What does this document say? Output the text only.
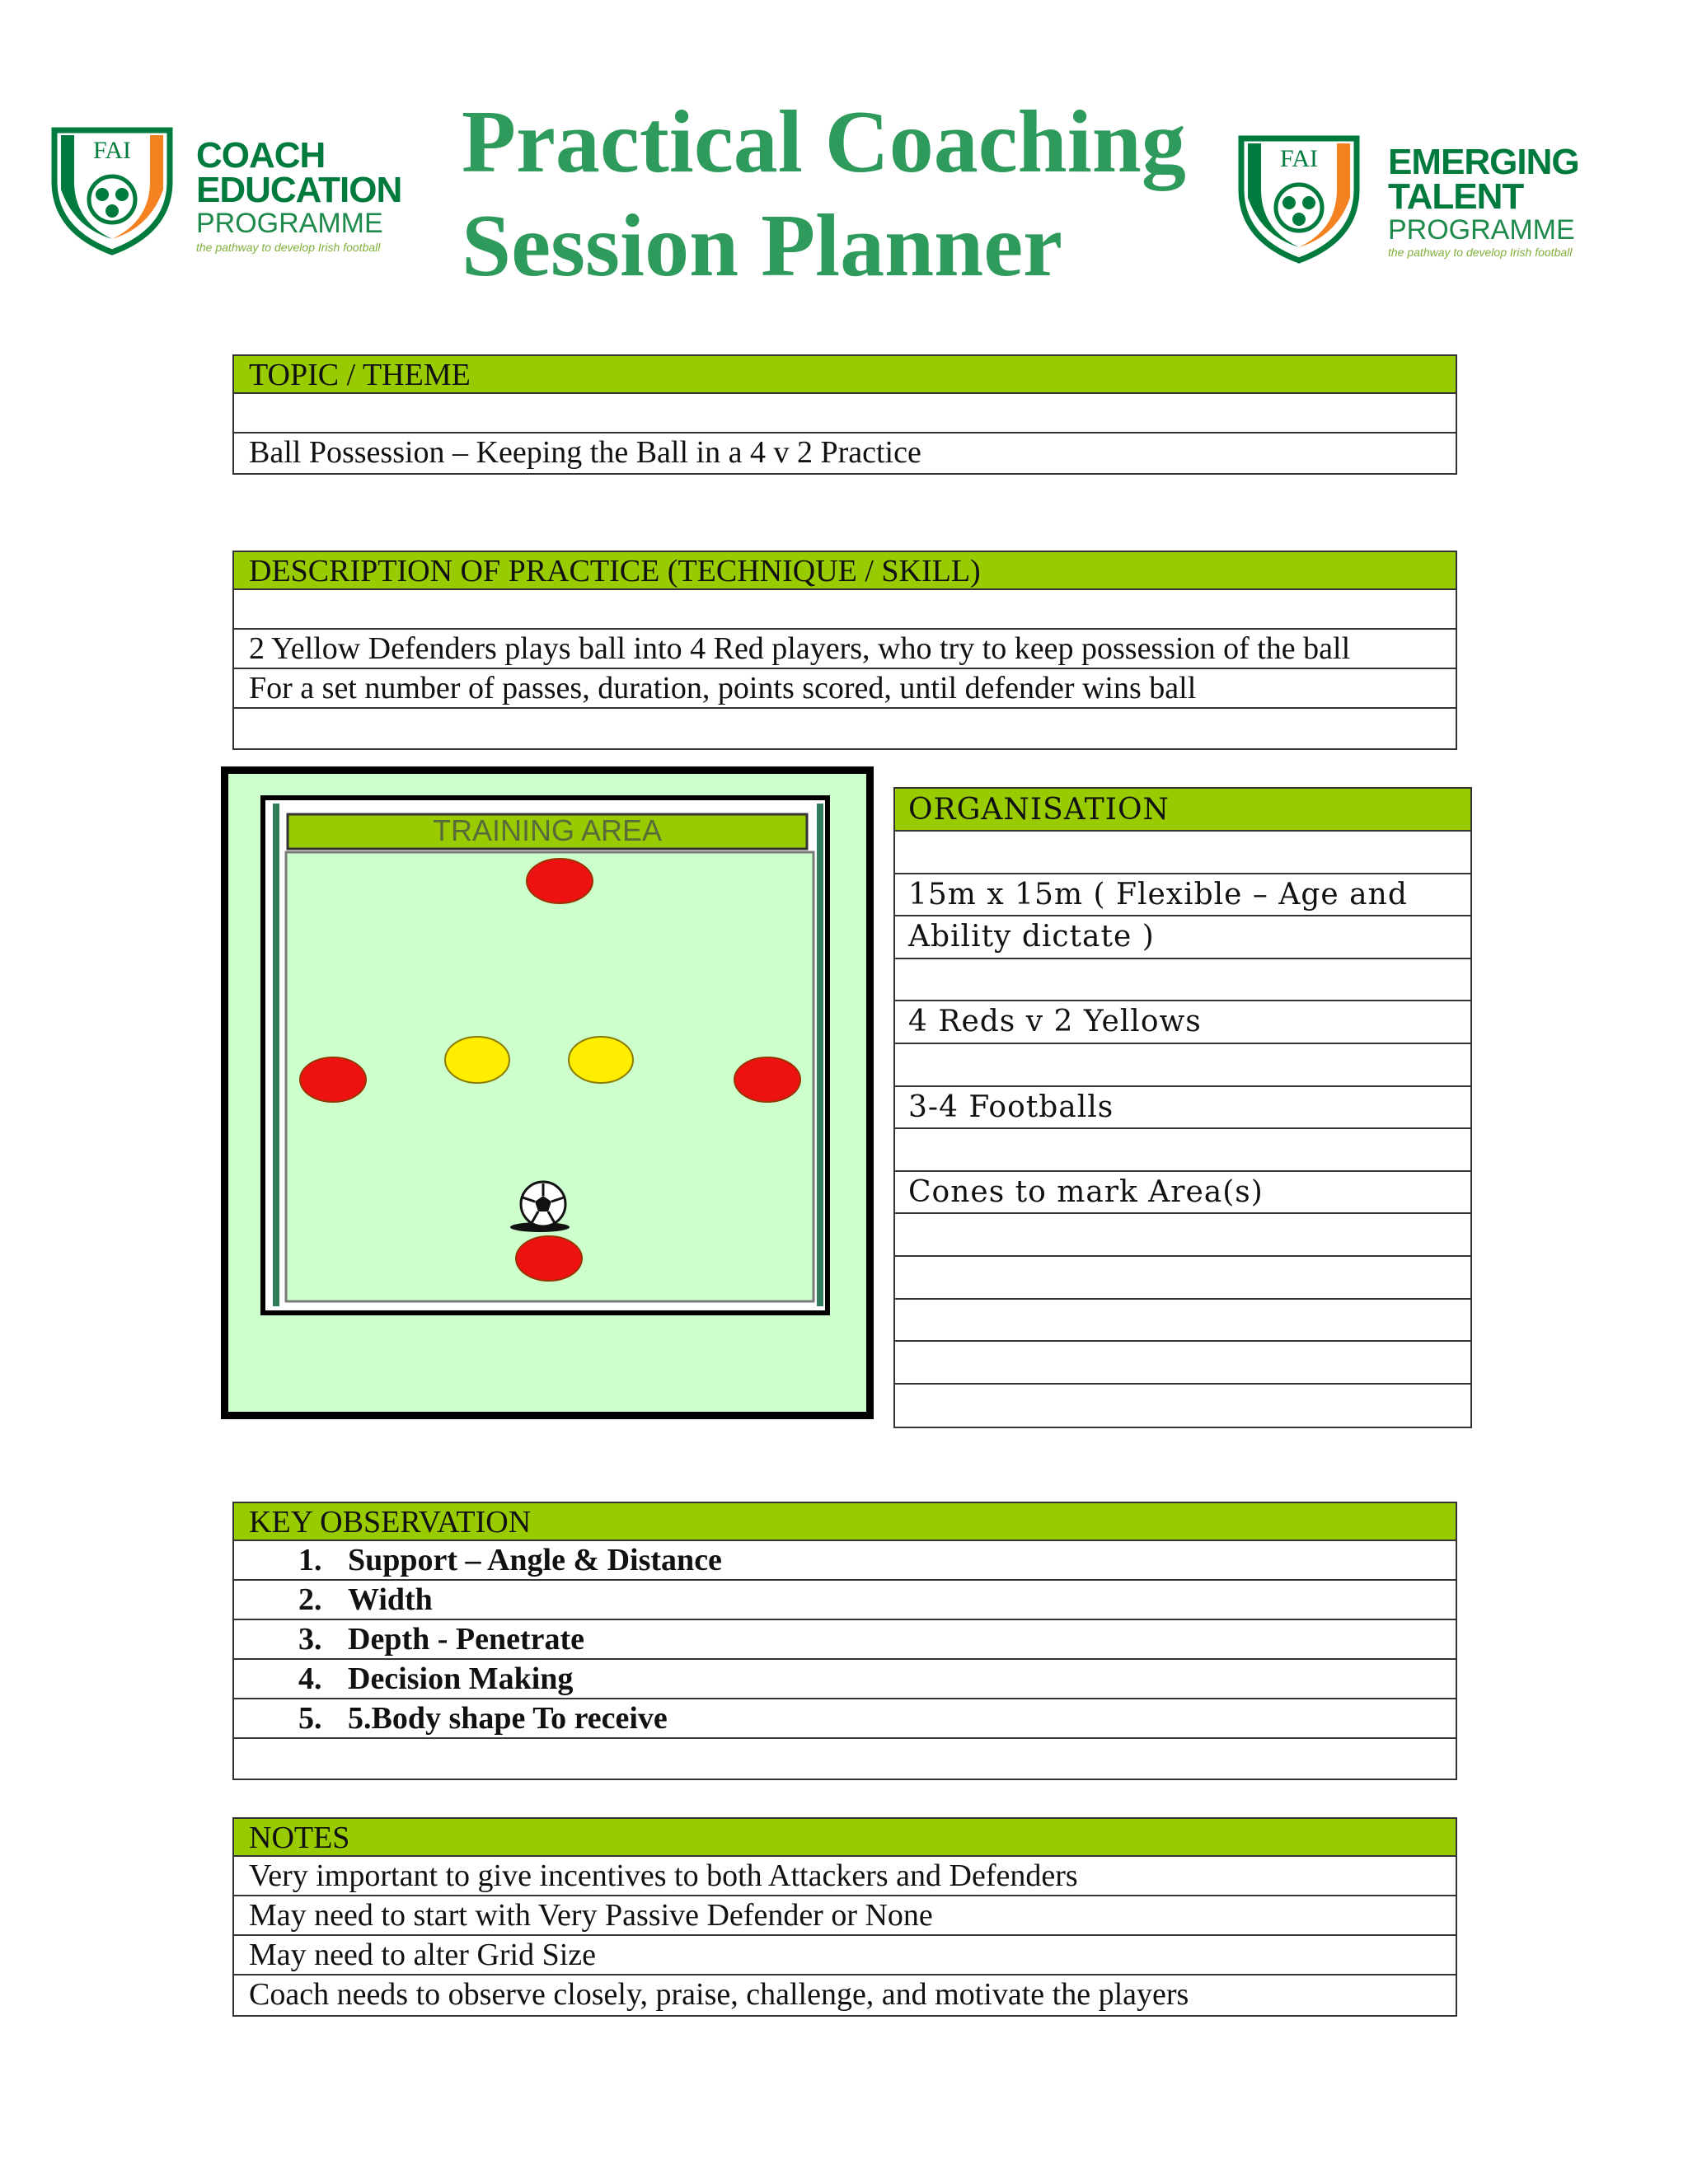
FAI COACH
EDUCATION
PROGRAMME
the pathway to develop Irish football
Practical Coaching
Session Planner
FAI EMERGING
TALENT
PROGRAMME
the pathway to develop Irish football
TOPIC / THEME
Ball Possession – Keeping the Ball in a 4 v 2 Practice
DESCRIPTION OF PRACTICE (TECHNIQUE / SKILL)
2 Yellow Defenders plays ball into 4 Red players, who try to keep possession of the ball
For a set number of passes, duration, points scored, until defender wins ball
TRAINING AREA
ORGANISATION
15m x 15m ( Flexible – Age and
Ability dictate )
4 Reds v 2 Yellows
3-4 Footballs
Cones to mark Area(s)
KEY OBSERVATION
1. Support – Angle & Distance
2. Width
3. Depth - Penetrate
4. Decision Making
5. 5.Body shape To receive
NOTES
Very important to give incentives to both Attackers and Defenders
May need to start with Very Passive Defender or None
May need to alter Grid Size
Coach needs to observe closely, praise, challenge, and motivate the players
